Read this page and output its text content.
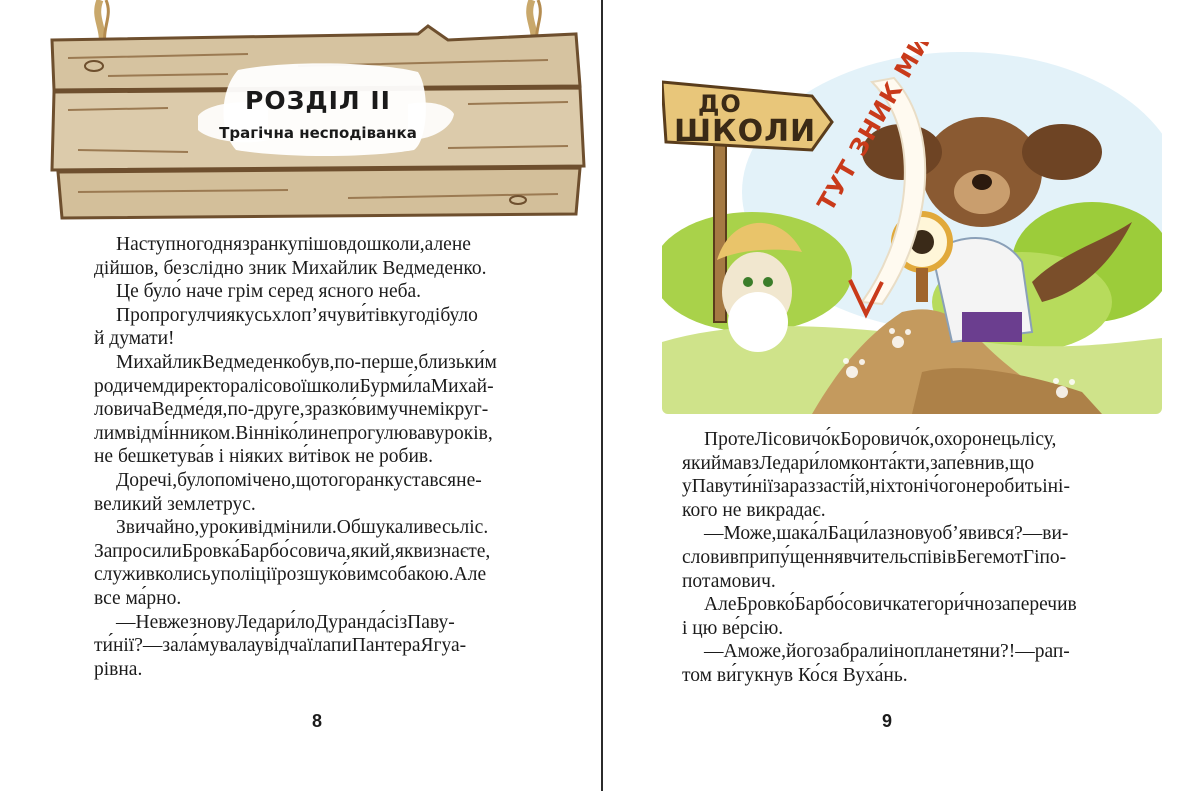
РОЗДІЛ II
Трагічна несподіванка
Наступногоднязранкупішовдошколи,алене
дійшов, безслідно зник Михайлик Ведмеденко.
Це було́ наче грім серед ясного неба.
Пропрогулчиякусьхлоп’ячуви́тівкугодібуло
й думати!
МихайликВедмеденкобув,по-перше,близьки́м
родичемдиректоралісовоїшколиБурми́лаМихай-
ловичаВедме́дя,по-друге,зразко́вимучнемікруг-
лимвідмі́нником.Вінніко́линепрогулювавуроків,
не бешкетува́в і ніяких ви́тівок не робив.
Доречі,булопомічено,щотогоранкуставсяне-
великий землетрус.
Звичайно,урокивідмінили.Обшукаливесьліс.
ЗапросилиБровка́Барбо́совича,який,яквизнаєте,
служивколисьуполіціїрозшуко́вимсобакою.Але
все ма́рно.
—НевжезновуЛедари́лоДуранда́сізПаву-
ти́нії?—зала́мувалауві́дчаїлапиПантераЯгуа-
рівна.
8
ДО
ШКОЛИ
ТУТ ЗНИК
ПротеЛісовичо́кБоровичо́к,охоронецьлісу,
якиймавзЛедари́ломконта́кти,запе́внив,що
уПавути́ніїзараззасті́й,ніхтоніч́огонеробитьіні-
кого не викрадає.
—Може,шака́лБаци́лазновуоб’явився?—ви-
словивприпу́щеннявчительспівівБегемотГіпо-
потамович.
АлеБровко́Барбо́совичкатегори́чнозаперечив
і цю ве́рсію.
—Аможе,йогозабралиінопланетяни?!—рап-
том ви́гукнув Ко́ся Вуха́нь.
9
